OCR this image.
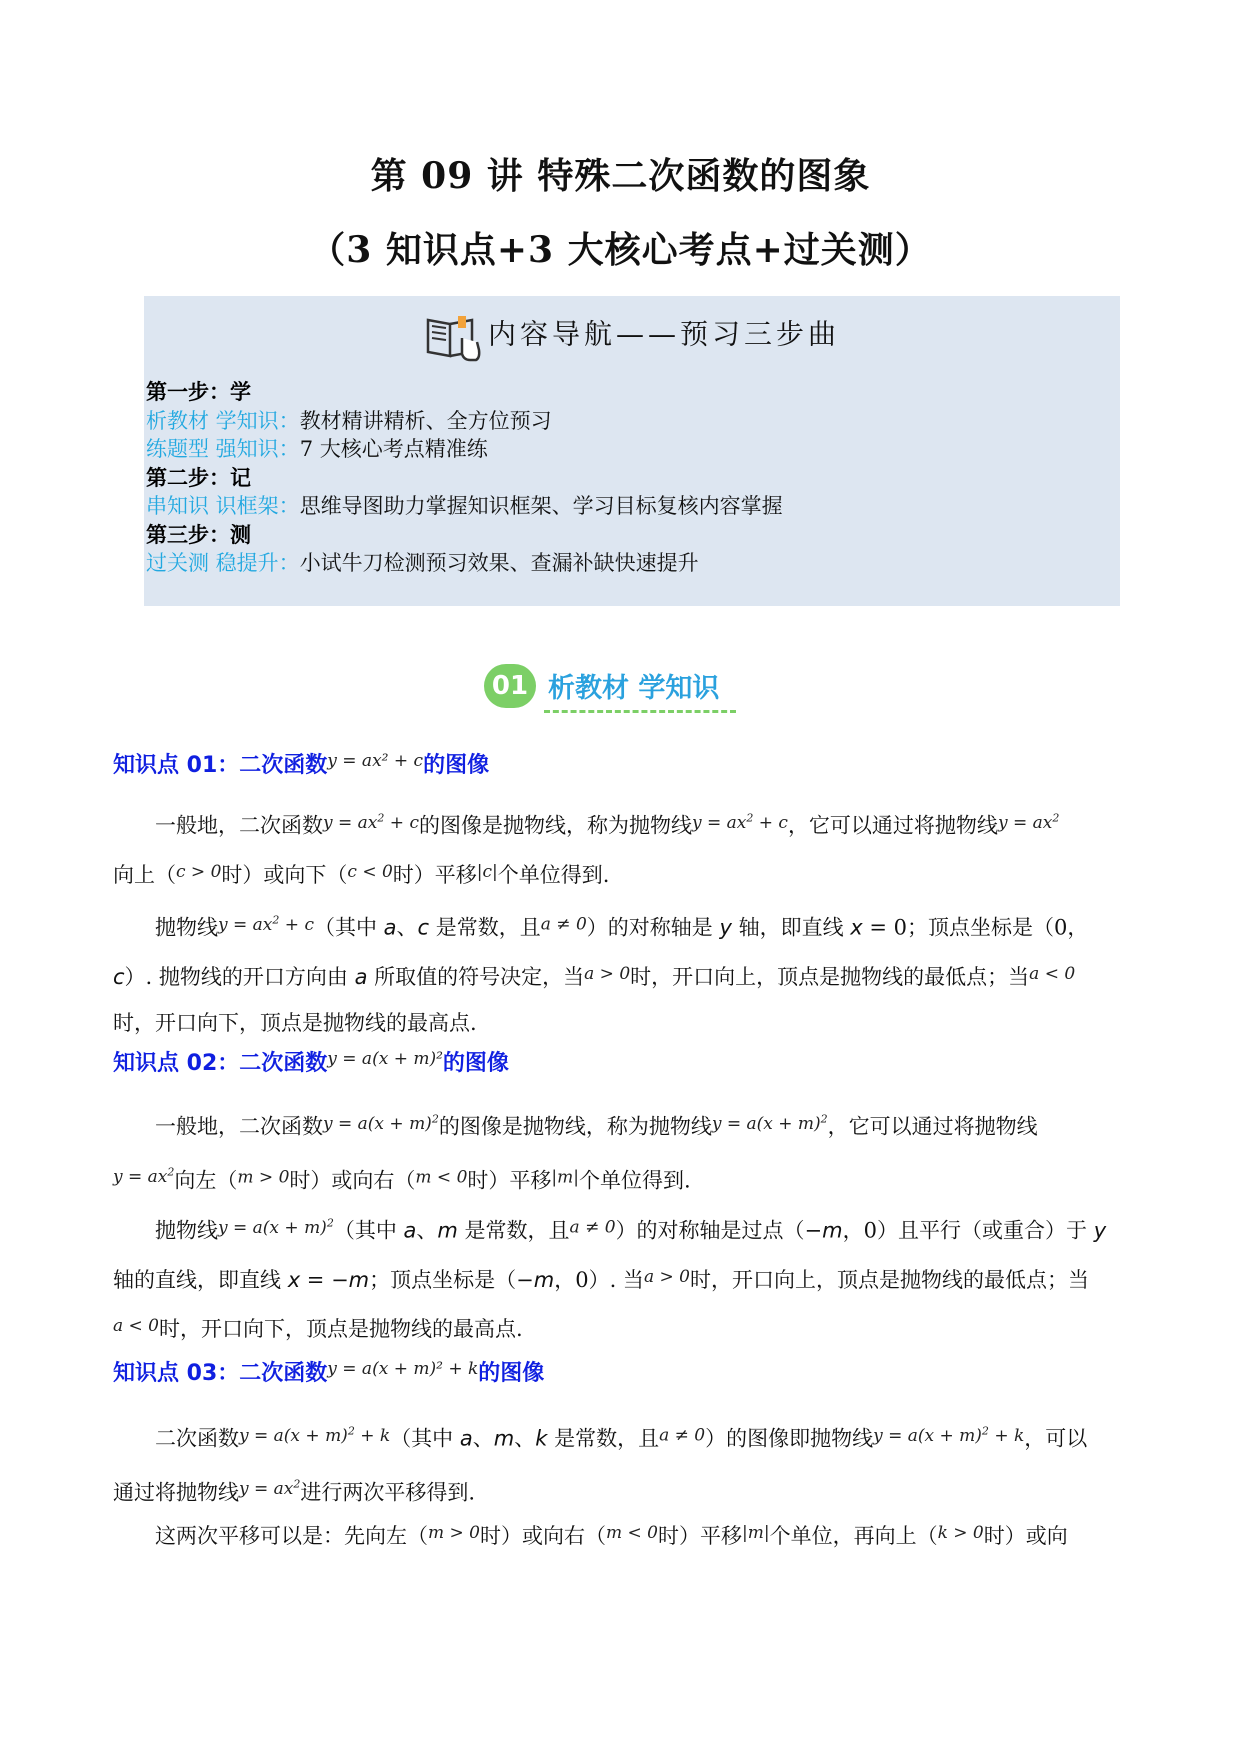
第 09 讲 特殊二次函数的图象
（3 知识点+3 大核心考点+过关测）
内容导航——预习三步曲
第一步：学
析教材 学知识：教材精讲精析、全方位预习
练题型 强知识：7 大核心考点精准练
第二步：记
串知识 识框架：思维导图助力掌握知识框架、学习目标复核内容掌握
第三步：测
过关测 稳提升：小试牛刀检测预习效果、查漏补缺快速提升
01 析教材 学知识
知识点 01：二次函数$^{y = ax^2 + c}$的图像
　　一般地，二次函数$^{y = ax^2 + c}$的图像是抛物线，称为抛物线$^{y = ax^2 + c}$，它可以通过将抛物线$^{y = ax^2}$
向上（$^{c > 0}$时）或向下（$^{c < 0}$时）平移$^{|c|}$个单位得到.
　　抛物线$^{y = ax^2 + c}$（其中 a、c 是常数，且$^{a \ne 0}$）的对称轴是 y 轴，即直线 x = 0；顶点坐标是（0，
c）. 抛物线的开口方向由 a 所取值的符号决定，当$^{a > 0}$时，开口向上，顶点是抛物线的最低点；当$^{a < 0}$
时，开口向下，顶点是抛物线的最高点.
知识点 02：二次函数$^{y = a(x + m)^2}$的图像
　　一般地，二次函数$^{y = a(x + m)^2}$的图像是抛物线，称为抛物线$^{y = a(x + m)^2}$，它可以通过将抛物线
$^{y = ax^2}$向左（$^{m > 0}$时）或向右（$^{m < 0}$时）平移$^{|m|}$个单位得到.
　　抛物线$^{y = a(x + m)^2}$（其中 a、m 是常数，且$^{a \ne 0}$）的对称轴是过点（−m，0）且平行（或重合）于 y
轴的直线，即直线 x = −m；顶点坐标是（−m，0）. 当$^{a > 0}$时，开口向上，顶点是抛物线的最低点；当
$^{a < 0}$时，开口向下，顶点是抛物线的最高点.
知识点 03：二次函数$^{y = a(x + m)^2 + k}$的图像
　　二次函数$^{y = a(x + m)^2 + k}$（其中 a、m、k 是常数，且$^{a \ne 0}$）的图像即抛物线$^{y = a(x + m)^2 + k}$，可以
通过将抛物线$^{y = ax^2}$进行两次平移得到.
　　这两次平移可以是：先向左（$^{m > 0}$时）或向右（$^{m < 0}$时）平移$^{|m|}$个单位，再向上（$^{k > 0}$时）或向
